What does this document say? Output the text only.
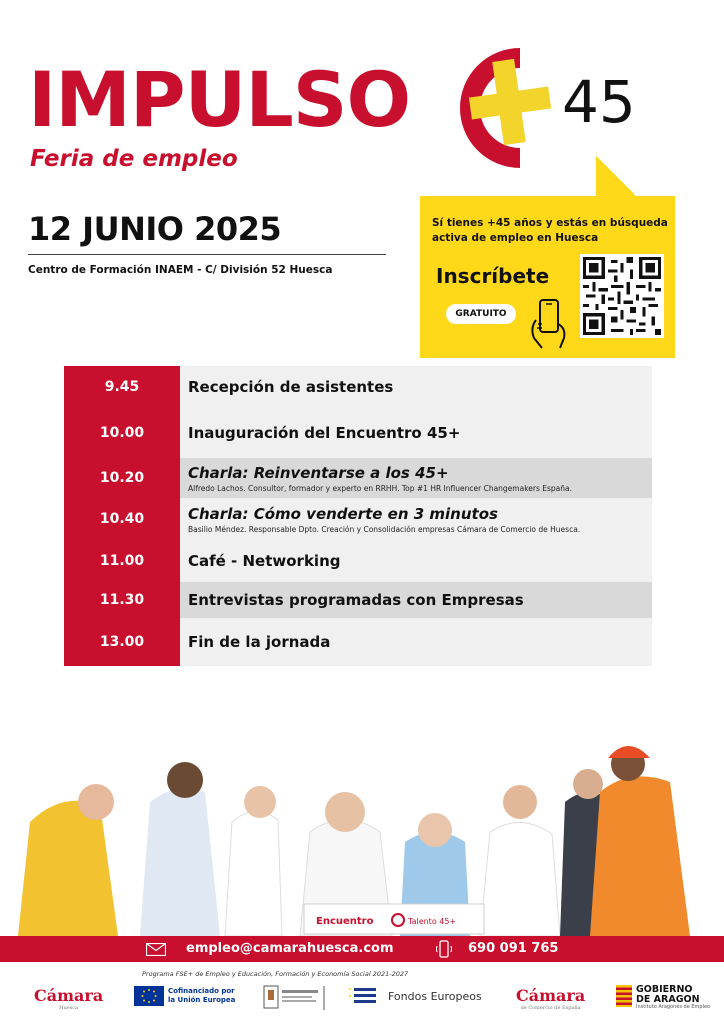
IMPULSO
Feria de empleo
45
12 JUNIO 2025
Centro de Formación INAEM - C/ División 52 Huesca
Sí tienes +45 años y estás en búsqueda activa de empleo en Huesca
Inscríbete
GRATUITO
9.45	Recepción de asistentes
10.00	Inauguración del Encuentro 45+
10.20	Charla: Reinventarse a los 45+
Alfredo Lachos. Consultor, formador y experto en RRHH. Top #1 HR Influencer Changemakers España.
10.40	Charla: Cómo venderte en 3 minutos
Basilio Méndez. Responsable Dpto. Creación y Consolidación empresas Cámara de Comercio de Huesca.
11.00	Café - Networking
11.30	Entrevistas programadas con Empresas
13.00	Fin de la jornada
Encuentro	Talento 45+
empleo@camarahuesca.com	690 091 765
Programa FSE+ de Empleo y Educación, Formación y Economía Social 2021-2027
Cámara
Huesca
Cofinanciado por
la Unión Europea	Fondos Europeos Cámara
de Comercio de España
GOBIERNO
DE ARAGON
Instituto Aragonés de Empleo
